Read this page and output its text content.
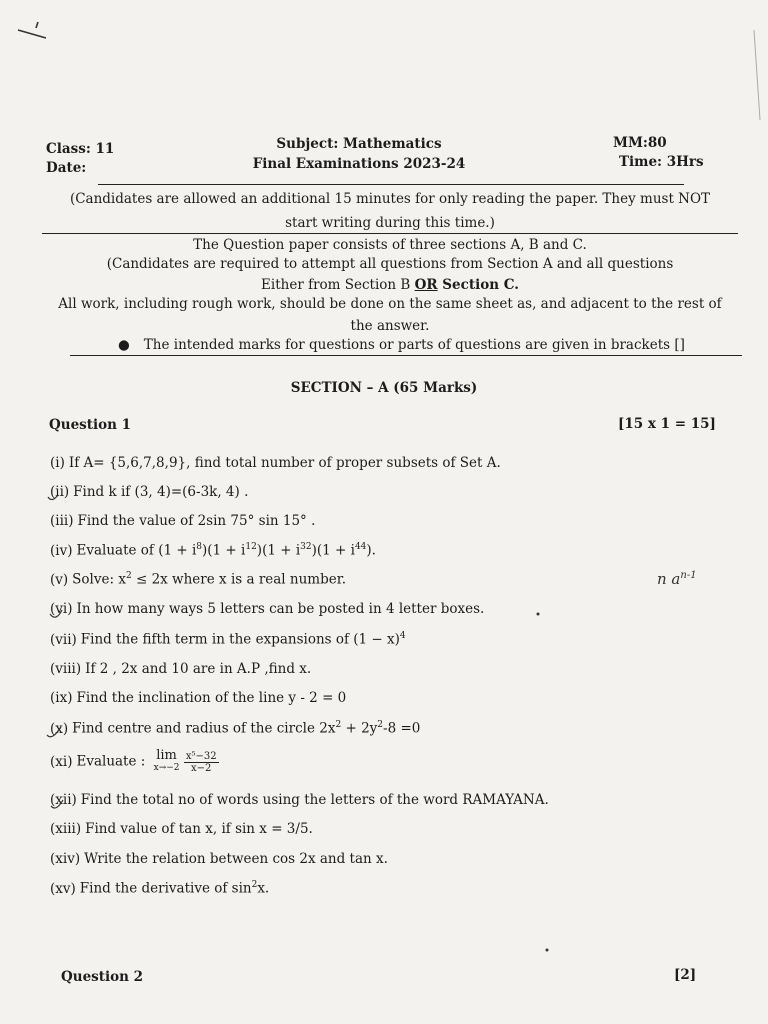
Class: 11
Date:
Subject: Mathematics
Final Examinations 2023-24
MM:80
Time: 3Hrs
(Candidates are allowed an additional 15 minutes for only reading the paper. They must NOT
start writing during this time.)
The Question paper consists of three sections A, B and C.
(Candidates are required to attempt all questions from Section A and all questions
Either from Section B OR Section C.
All work, including rough work, should be done on the same sheet as, and adjacent to the rest of
the answer.
● The intended marks for questions or parts of questions are given in brackets []
SECTION – A (65 Marks)
Question 1	[15 x 1 = 15]
(i) If A= {5,6,7,8,9}, find total number of proper subsets of Set A.
(ii) Find k if (3, 4)=(6-3k, 4) .
(iii) Find the value of 2sin 75° sin 15° .
(iv) Evaluate of $(1 + i^8)(1 + i^{12})(1 + i^{32})(1 + i^{44})$.
(v) Solve: $x^2 \le 2x$ where x is a real number.
(vi) In how many ways 5 letters can be posted in 4 letter boxes.
(vii) Find the fifth term in the expansions of $(1 - x)^4$
(viii) If 2 , 2x and 10 are in A.P ,find x.
(ix) Find the inclination of the line y - 2 = 0
(x) Find centre and radius of the circle $2x^2 + 2y^2-8 =0$
(xi) Evaluate : lim
x→−2
$\frac{\text{x⁵−32}}{x-2}$
(xii) Find the total no of words using the letters of the word RAMAYANA.
(xiii) Find value of tan x, if sin x = 3/5.
(xiv) Write the relation between cos 2x and tan x.
(xv) Find the derivative of $\sin^2x$.
Question 2	[2]
n $a^{n-1}$
